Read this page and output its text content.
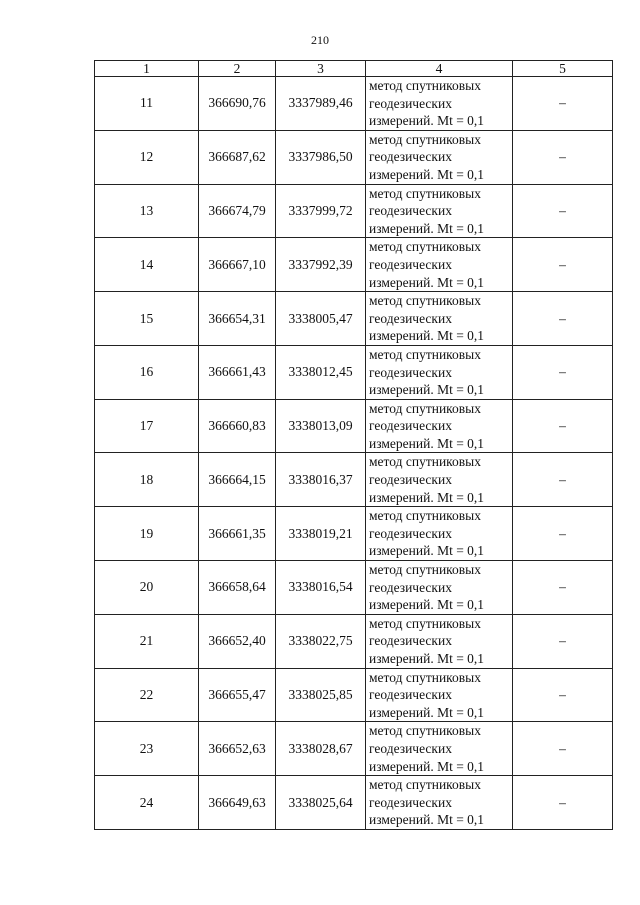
210
1	2	3	4	5
11	366690,76	3337989,46	метод спутниковых
геодезических
измерений. Mt = 0,1	–
12	366687,62	3337986,50	метод спутниковых
геодезических
измерений. Mt = 0,1	–
13	366674,79	3337999,72	метод спутниковых
геодезических
измерений. Mt = 0,1	–
14	366667,10	3337992,39	метод спутниковых
геодезических
измерений. Mt = 0,1	–
15	366654,31	3338005,47	метод спутниковых
геодезических
измерений. Mt = 0,1	–
16	366661,43	3338012,45	метод спутниковых
геодезических
измерений. Mt = 0,1	–
17	366660,83	3338013,09	метод спутниковых
геодезических
измерений. Mt = 0,1	–
18	366664,15	3338016,37	метод спутниковых
геодезических
измерений. Mt = 0,1	–
19	366661,35	3338019,21	метод спутниковых
геодезических
измерений. Mt = 0,1	–
20	366658,64	3338016,54	метод спутниковых
геодезических
измерений. Mt = 0,1	–
21	366652,40	3338022,75	метод спутниковых
геодезических
измерений. Mt = 0,1	–
22	366655,47	3338025,85	метод спутниковых
геодезических
измерений. Mt = 0,1	–
23	366652,63	3338028,67	метод спутниковых
геодезических
измерений. Mt = 0,1	–
24	366649,63	3338025,64	метод спутниковых
геодезических
измерений. Mt = 0,1	–
